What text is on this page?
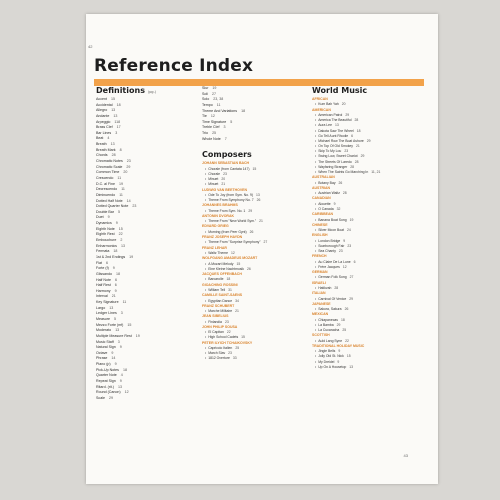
42
Reference Index
Definitions (pg.)
Accent 15
Accidental 18
Allegro 13
Andante 13
Arpeggio 118
Brass Clef 17
Bar Lines 3
Beat 4
Breath 13
Breath Mark 8
Chords 28
Chromatic Notes 23
Chromatic Scale 29
Common Time 20
Crescendo 11
D.C. al Fine 19
Decrescendo 11
Diminuendo 11
Dotted Half Note 14
Dotted Quarter Note 23
Double Bar 5
Duet 9
Dynamics 9
Eighth Note 15
Eighth Rest 22
Embouchure 2
Enharmonics 13
Fermata 18
1st & 2nd Endings 19
Flat 6
Forte (f) 9
Glissando 18
Half Note 6
Half Rest 6
Harmony 9
Interval 21
Key Signature 11
Largo 13
Ledger Lines 3
Measure 5
Mezzo Forte (mf) 15
Moderato 13
Multiple Measure Rest 19
Music Staff 3
Natural Sign 9
Octave 9
Phrase 14
Piano (p) 9
Pick-Up Notes 18
Quarter Note 4
Repeat Sign 9
Ritard. (rit.) 13
Round (Canon) 12
Scale 29
Slur 19
Soli 27
Solo 23, 38
Tempo 11
Theme And Variations 18
Tie 12
Time Signature 5
Treble Clef 3
Trio 25
Whole Note 7
Composers
JOHANN SEBASTIAN BACH
• Chorale (from Cantata 147) 15
• Chorale 23
• Minuet 20
• Minuet 21
LUDWIG VAN BEETHOVEN
• Ode To Joy (from Sym. No. 9) 13
• Theme From Symphony No. 7 26
JOHANNES BRAHMS
• Theme From Sym. No. 1 29
ANTONIN DVORAK
• Theme From "New World Sym." 21
EDVARD GRIEG
• Morning (from Peer Gynt) 26
FRANZ JOSEPH HAYDN
• Theme From "Surprise Symphony" 27
FRANZ LEHAR
• Waltz Theme 12
WOLFGANG AMADEUS MOZART
• A Mozart Melody 15
• Eine Kleine Nachtmusik 26
JACQUES OFFENBACH
• Barcarolle 18
GIOACHINO ROSSINI
• William Tell 31
CAMILLE SAINT-SAENS
• Egyptian Dance 34
FRANZ SCHUBERT
• Marche Militaire 21
JEAN SIBELIUS
• Finlandia 23
JOHN PHILIP SOUSA
• El Capitan 22
• High School Cadets 15
PETER ILYICH TCHAIKOVSKY
• Capriccio Italien 25
• March Slav 23
• 1812 Overture 33
World Music
AFRICAN
• Kum Bah Yah 20
AMERICAN
• American Patrol 29
• America The Beautiful 28
• Aura Lee 13
• Dakota Saw The Wheel 18
• Go Tell Aunt Rhodie 6
• Michael Row The Boat Ashore 29
• On Top Of Old Smokey 21
• Skip To My Lou 23
• Swing Low, Sweet Chariot 29
• The Streets Of Laredo 28
• Wayfaring Stranger 28
• When The Saints Go Marching In 11, 21
AUSTRALIAN
• Botany Bay 26
AUSTRIAN
• Austrian Waltz 28
CANADIAN
• Alouette 9
• O Canada 32
CARIBBEAN
• Banana Boat Song 19
CHINESE
• Silver Moon Boat 24
ENGLISH
• London Bridge 9
• Scarborough Fair 23
• Sea Chanty 23
FRENCH
• Au Claire De La Lune 6
• Frère Jacques 12
GERMAN
• German Folk Song 27
ISRAELI
• Hatikvah 28
ITALIAN
• Carnival Of Venice 29
JAPANESE
• Sakura, Sakura 26
MEXICAN
• Chiapanecas 18
• La Bamba 29
• La Cucaracha 25
SCOTTISH
• Auld Lang Syne 22
TRADITIONAL HOLIDAY MUSIC
• Jingle Bells 9
• Jolly Old St. Nick 15
• My Dreidel 9
• Up On A Housetop 13
43
